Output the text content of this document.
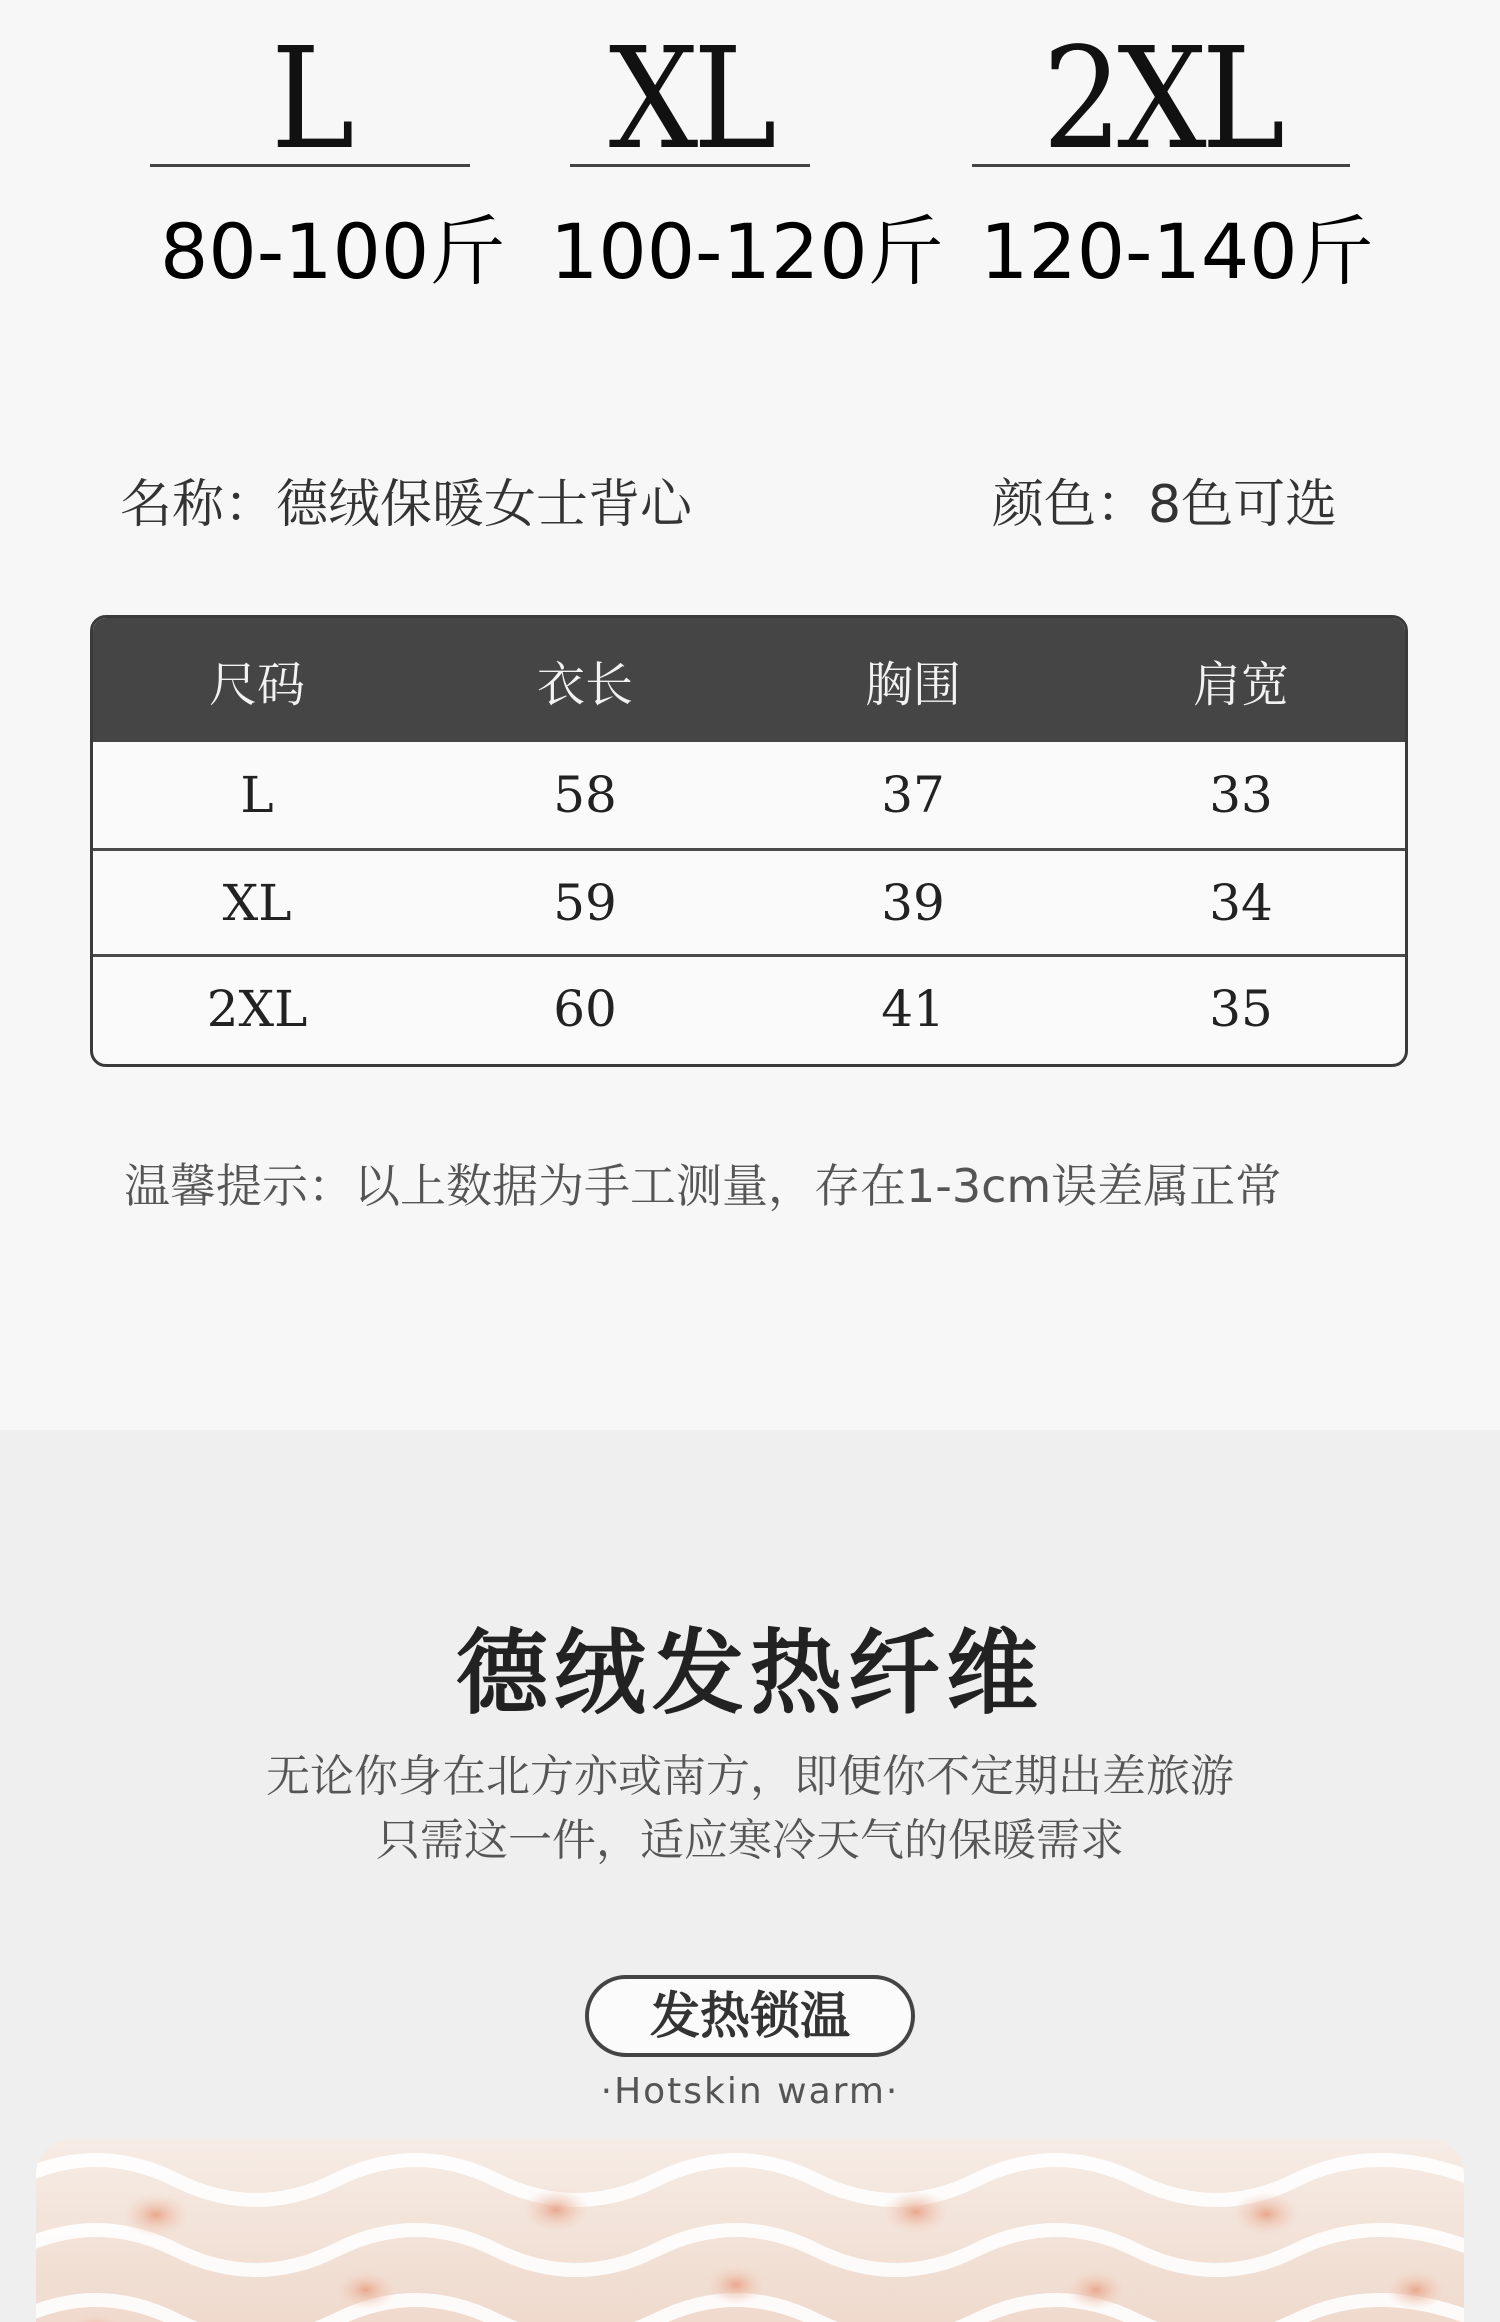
L
80-100斤
XL
100-120斤
2XL
120-140斤
名称：德绒保暖女士背心	颜色：8色可选
尺码	衣长	胸围	肩宽
L	58	37	33
XL	59	39	34
2XL	60	41	35
温馨提示：以上数据为手工测量，存在1-3cm误差属正常
德绒发热纤维
无论你身在北方亦或南方，即便你不定期出差旅游
只需这一件，适应寒冷天气的保暖需求
发热锁温
·Hotskin warm·
